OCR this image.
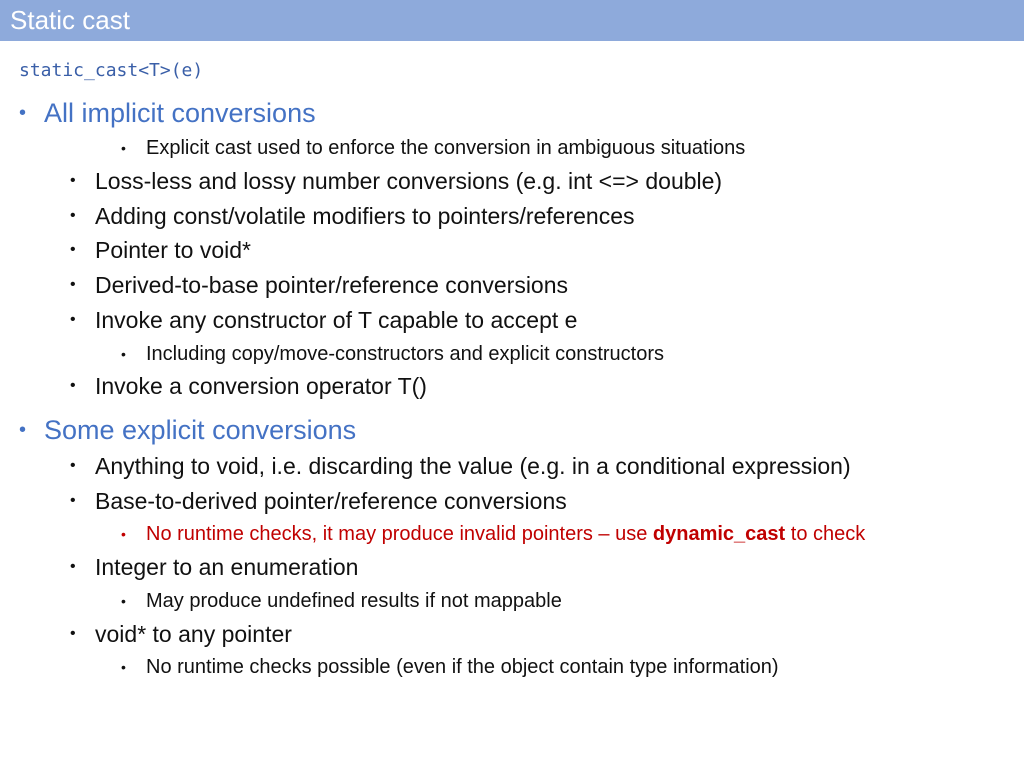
Static cast
static_cast<T>(e)
• All implicit conversions
• Explicit cast used to enforce the conversion in ambiguous situations
• Loss-less and lossy number conversions (e.g. int <=> double)
• Adding const/volatile modifiers to pointers/references
• Pointer to void*
• Derived-to-base pointer/reference conversions
• Invoke any constructor of T capable to accept e
• Including copy/move-constructors and explicit constructors
• Invoke a conversion operator T()
• Some explicit conversions
• Anything to void, i.e. discarding the value (e.g. in a conditional expression)
• Base-to-derived pointer/reference conversions
• No runtime checks, it may produce invalid pointers – use dynamic_cast to check
• Integer to an enumeration
• May produce undefined results if not mappable
• void* to any pointer
• No runtime checks possible (even if the object contain type information)
